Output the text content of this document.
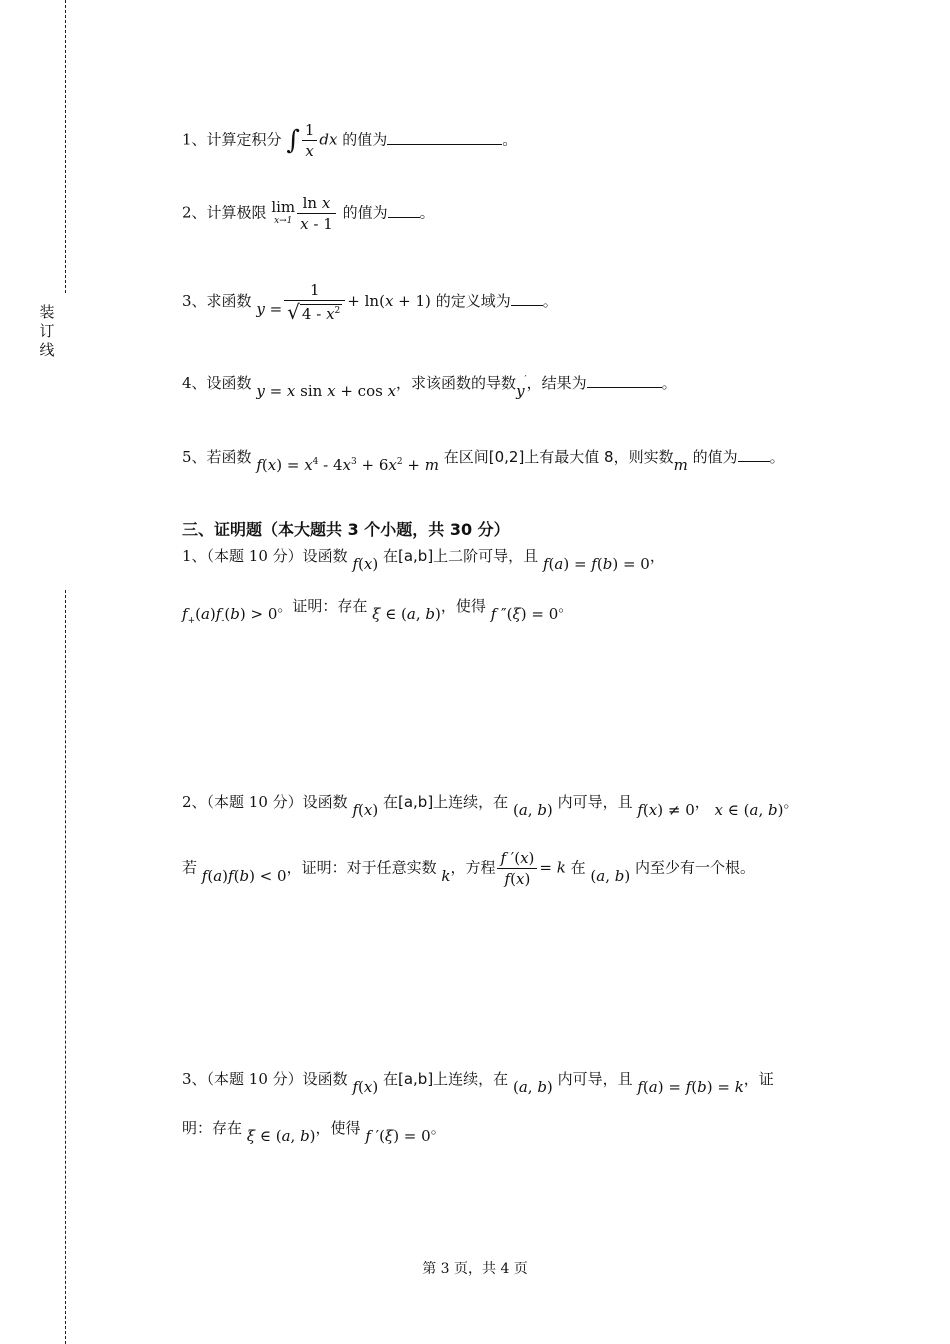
装
订
线
1、计算定积分 ∫ $\frac{1}{x}$ dx 的值为	。
2、计算极限 lim
$x\to 1 \frac{\text{ln x}}{x - 1}$ 的值为 。
3、求函数 $y = \frac{1}{√ 4 - x^2} + \ln(x + 1)$ 的定义域为 。
4、设函数 y = x sin x + cos x，求该函数的导数y′，结果为	。
5、若函数 $f(x) = x^4 - 4x^3 + 6x^2 + m$ 在区间[0,2]上有最大值 8，则实数m 的值为 。
三、证明题（本大题共 3 个小题，共 30 分）
1、（本题 10 分）设函数 f(x) 在[a,b]上二阶可导，且 f(a) = f(b) = 0，
$f_+(a)f_-(b) > 0$。证明：存在 ξ ∈ (a, b)，使得 f ″(ξ) = 0。
2、（本题 10 分）设函数 f(x) 在[a,b]上连续，在 (a, b) 内可导，且 f(x) ≠ 0， x ∈ (a, b)。
若 f(a)f(b) < 0，证明：对于任意实数 k，方程 $\frac{f '(x)}{f(x)} = k$ 在 (a, b) 内至少有一个根。
3、（本题 10 分）设函数 f(x) 在[a,b]上连续，在 (a, b) 内可导，且 f(a) = f(b) = k，证
明：存在 ξ ∈ (a, b)，使得 f ′(ξ) = 0。
第 3 页，共 4 页
